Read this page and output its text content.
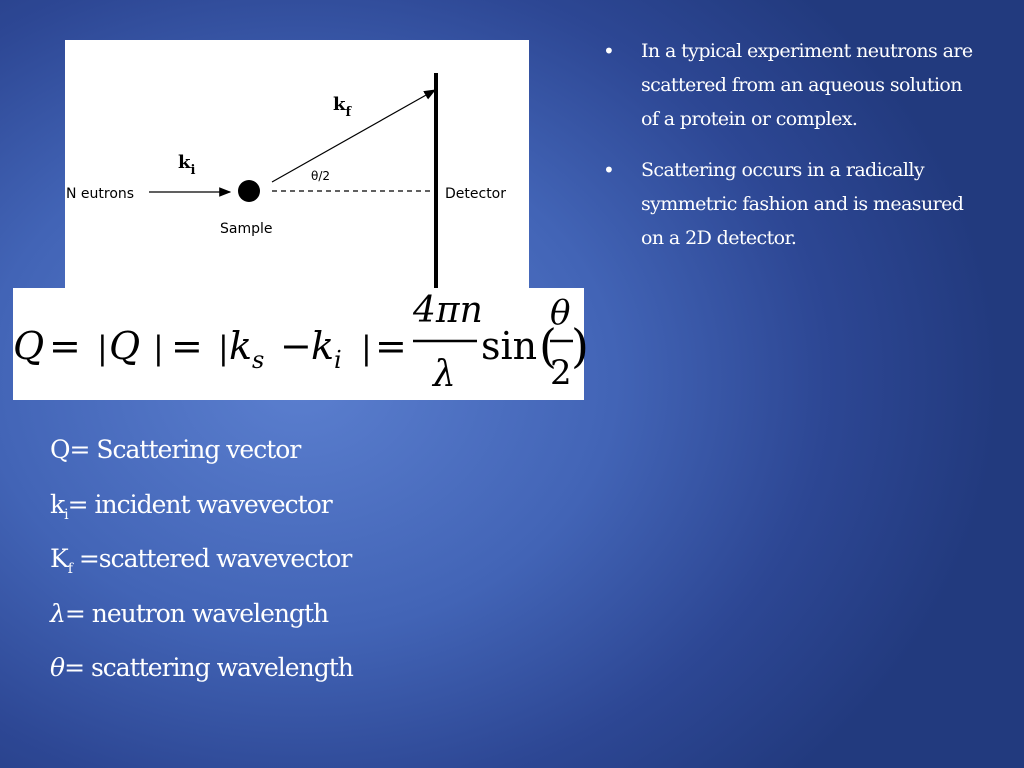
N eutrons
Sample
Detector
θ/2
$k_i$
$k_f$
Q = | Q | = | $k_s - k_i$ | =
4πn
λ
sin (
θ
2 )
• In a typical experiment neutrons are scattered from an aqueous solution of a protein or complex.
• Scattering occurs in a radically symmetric fashion and is measured on a 2D detector.
Q= Scattering vector
$k_i=$ incident wavevector
$K_f$ =scattered wavevector
λ= neutron wavelength
θ= scattering wavelength
